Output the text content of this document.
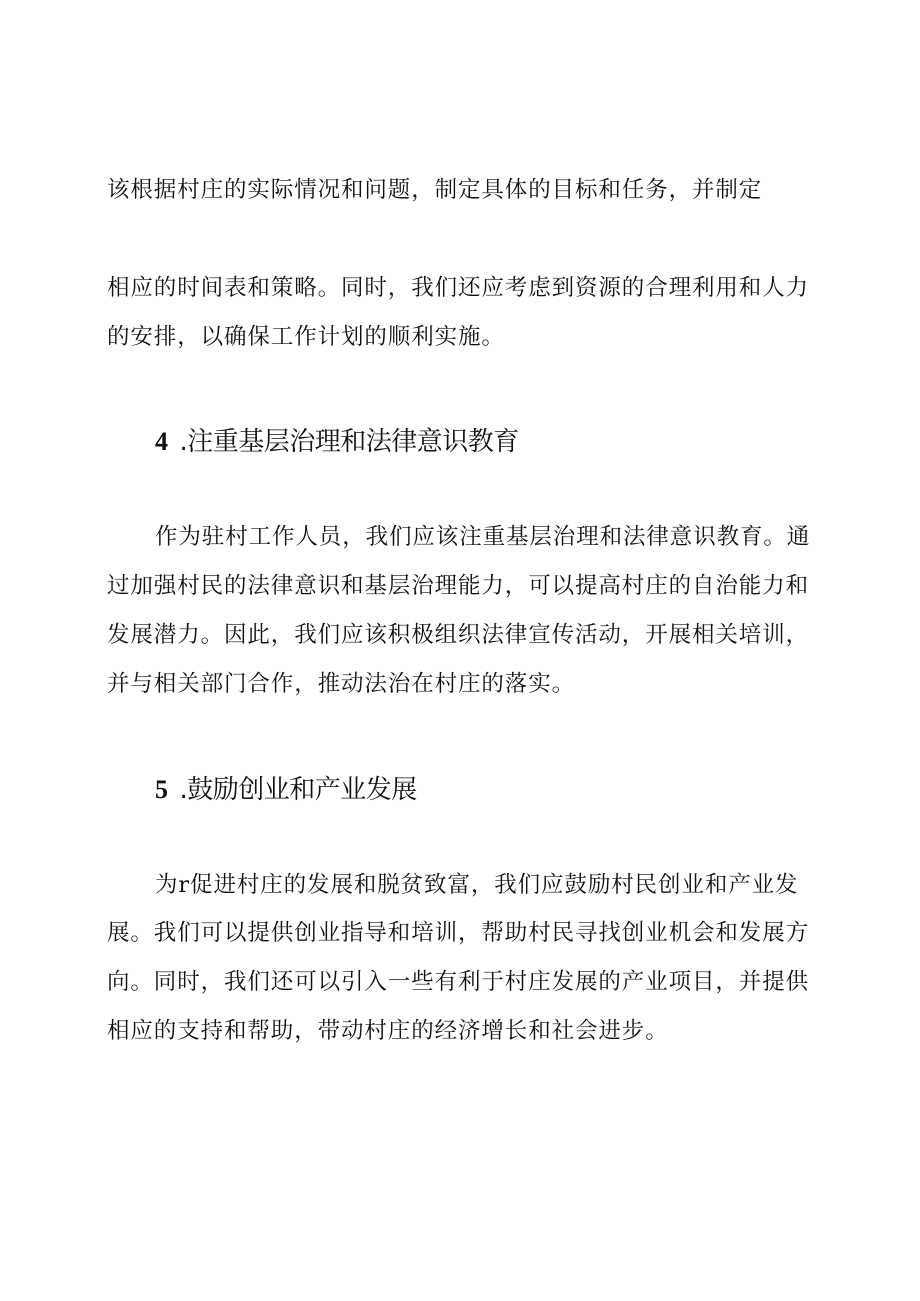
该根据村庄的实际情况和问题，制定具体的目标和任务，并制定
相应的时间表和策略。同时，我们还应考虑到资源的合理利用和人力
的安排，以确保工作计划的顺利实施。
4 .注重基层治理和法律意识教育
作为驻村工作人员，我们应该注重基层治理和法律意识教育。通
过加强村民的法律意识和基层治理能力，可以提高村庄的自治能力和
发展潜力。因此，我们应该积极组织法律宣传活动，开展相关培训，
并与相关部门合作，推动法治在村庄的落实。
5 .鼓励创业和产业发展
为r促进村庄的发展和脱贫致富，我们应鼓励村民创业和产业发
展。我们可以提供创业指导和培训，帮助村民寻找创业机会和发展方
向。同时，我们还可以引入一些有利于村庄发展的产业项目，并提供
相应的支持和帮助，带动村庄的经济增长和社会进步。
